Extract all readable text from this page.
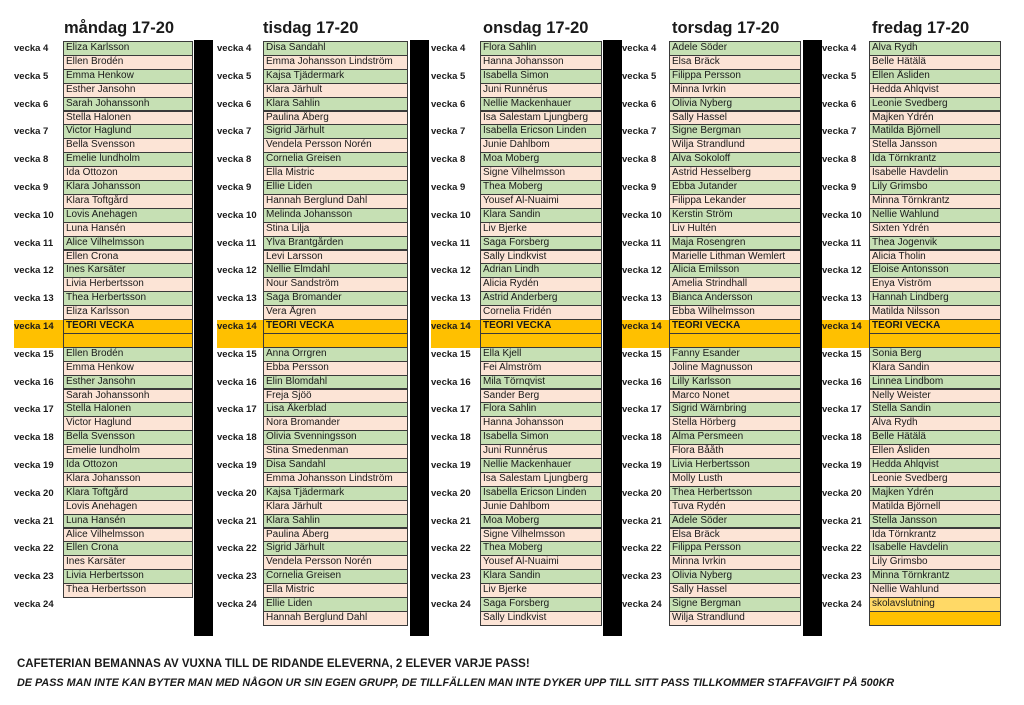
måndag 17-20
vecka 4	Eliza Karlsson
Ellen Brodén
vecka 5	Emma Henkow
Esther Jansohn
vecka 6	Sarah Johanssonh
Stella Halonen
vecka 7	Victor Haglund
Bella Svensson
vecka 8	Emelie lundholm
Ida Ottozon
vecka 9	Klara Johansson
Klara Toftgård
vecka 10	Lovis Anehagen
Luna Hansén
vecka 11	Alice Vilhelmsson
Ellen Crona
vecka 12	Ines Karsäter
Livia Herbertsson
vecka 13	Thea Herbertsson
Eliza Karlsson
vecka 14	TEORI VECKA
vecka 15	Ellen Brodén
Emma Henkow
vecka 16	Esther Jansohn
Sarah Johanssonh
vecka 17	Stella Halonen
Victor Haglund
vecka 18	Bella Svensson
Emelie lundholm
vecka 19	Ida Ottozon
Klara Johansson
vecka 20	Klara Toftgård
Lovis Anehagen
vecka 21	Luna Hansén
Alice Vilhelmsson
vecka 22	Ellen Crona
Ines Karsäter
vecka 23	Livia Herbertsson
Thea Herbertsson
vecka 24
tisdag 17-20
vecka 4	Disa Sandahl
Emma Johansson Lindström
vecka 5	Kajsa Tjädermark
Klara Järhult
vecka 6	Klara Sahlin
Paulina Åberg
vecka 7	Sigrid Järhult
Vendela Persson Norén
vecka 8	Cornelia Greisen
Ella Mistric
vecka 9	Ellie Liden
Hannah Berglund Dahl
vecka 10 Melinda Johansson
Stina Lilja
vecka 11 Ylva Brantgården
Levi Larsson
vecka 12 Nellie Elmdahl
Nour Sandström
vecka 13 Saga Bromander
Vera Ågren
vecka 14 TEORI VECKA
vecka 15 Anna Orrgren
Ebba Persson
vecka 16 Elin Blomdahl
Freja Sjöö
vecka 17 Lisa Åkerblad
Nora Bromander
vecka 18 Olivia Svenningsson
Stina Smedenman
vecka 19 Disa Sandahl
Emma Johansson Lindström
vecka 20 Kajsa Tjädermark
Klara Järhult
vecka 21 Klara Sahlin
Paulina Åberg
vecka 22 Sigrid Järhult
Vendela Persson Norén
vecka 23 Cornelia Greisen
Ella Mistric
vecka 24 Ellie Liden
Hannah Berglund Dahl
onsdag 17-20
vecka 4	Flora Sahlin
Hanna Johansson
vecka 5	Isabella Simon
Juni Runnérus
vecka 6	Nellie Mackenhauer
Isa Salestam Ljungberg
vecka 7	Isabella Ericson Linden
Junie Dahlbom
vecka 8	Moa Moberg
Signe Vilhelmsson
vecka 9	Thea Moberg
Yousef Al-Nuaimi
vecka 10	Klara Sandin
Liv Bjerke
vecka 11	Saga Forsberg
Sally Lindkvist
vecka 12	Adrian Lindh
Alicia Rydén
vecka 13	Astrid Anderberg
Cornelia Fridén
vecka 14	TEORI VECKA
vecka 15	Ella Kjell
Fei Almström
vecka 16	Mila Törnqvist
Sander Berg
vecka 17	Flora Sahlin
Hanna Johansson
vecka 18	Isabella Simon
Juni Runnérus
vecka 19	Nellie Mackenhauer
Isa Salestam Ljungberg
vecka 20	Isabella Ericson Linden
Junie Dahlbom
vecka 21	Moa Moberg
Signe Vilhelmsson
vecka 22	Thea Moberg
Yousef Al-Nuaimi
vecka 23	Klara Sandin
Liv Bjerke
vecka 24	Saga Forsberg
Sally Lindkvist
torsdag 17-20
vecka 4	Adele Söder
Elsa Bräck
vecka 5	Filippa Persson
Minna Ivrkin
vecka 6	Olivia Nyberg
Sally Hassel
vecka 7	Signe Bergman
Wilja Strandlund
vecka 8	Alva Sokoloff
Astrid Hesselberg
vecka 9	Ebba Jutander
Filippa Lekander
vecka 10	Kerstin Ström
Liv Hultén
vecka 11	Maja Rosengren
Marielle Lithman Wemlert
vecka 12	Alicia Emilsson
Amelia Strindhall
vecka 13	Bianca Andersson
Ebba Wilhelmsson
vecka 14	TEORI VECKA
vecka 15	Fanny Esander
Joline Magnusson
vecka 16	Lilly Karlsson
Marco Nonet
vecka 17	Sigrid Wärnbring
Stella Hörberg
vecka 18	Alma Persmeen
Flora Bååth
vecka 19	Livia Herbertsson
Molly Lusth
vecka 20	Thea Herbertsson
Tuva Rydén
vecka 21	Adele Söder
Elsa Bräck
vecka 22	Filippa Persson
Minna Ivrkin
vecka 23	Olivia Nyberg
Sally Hassel
vecka 24	Signe Bergman
Wilja Strandlund
fredag 17-20
vecka 4	Alva Rydh
Belle Hätälä
vecka 5	Ellen Åsliden
Hedda Ahlqvist
vecka 6	Leonie Svedberg
Majken Ydrén
vecka 7	Matilda Björnell
Stella Jansson
vecka 8	Ida Törnkrantz
Isabelle Havdelin
vecka 9	Lily Grimsbo
Minna Törnkrantz
vecka 10	Nellie Wahlund
Sixten Ydrén
vecka 11	Thea Jogenvik
Alicia Tholin
vecka 12	Eloise Antonsson
Enya Viström
vecka 13	Hannah Lindberg
Matilda Nilsson
vecka 14	TEORI VECKA
vecka 15	Sonia Berg
Klara Sandin
vecka 16	Linnea Lindbom
Nelly Weister
vecka 17	Stella Sandin
Alva Rydh
vecka 18	Belle Hätälä
Ellen Åsliden
vecka 19	Hedda Ahlqvist
Leonie Svedberg
vecka 20	Majken Ydrén
Matilda Björnell
vecka 21	Stella Jansson
Ida Törnkrantz
vecka 22	Isabelle Havdelin
Lily Grimsbo
vecka 23	Minna Törnkrantz
Nellie Wahlund
vecka 24	skolavslutning
CAFETERIAN BEMANNAS AV VUXNA TILL DE RIDANDE ELEVERNA, 2 ELEVER VARJE PASS!
DE PASS MAN INTE KAN BYTER MAN MED NÅGON UR SIN EGEN GRUPP, DE TILLFÄLLEN MAN INTE DYKER UPP TILL SITT PASS TILLKOMMER STAFFAVGIFT PÅ 500KR
